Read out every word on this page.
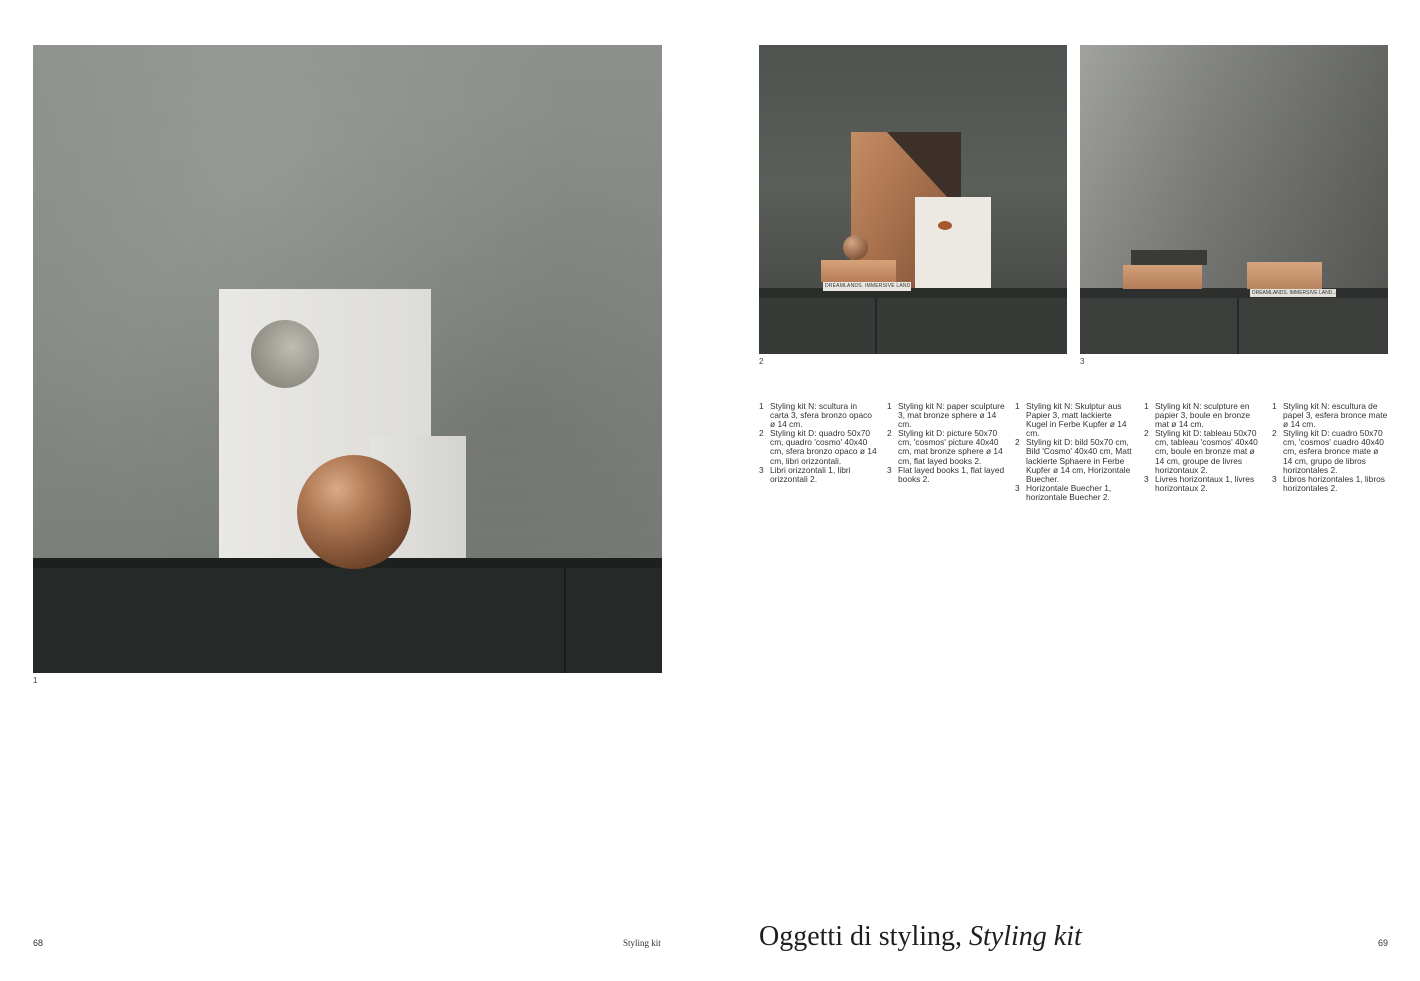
1
DREAMLANDS. IMMERSIVE LAND...
2
DREAMLANDS. IMMERSIVE LAND...
3
1 Styling kit N: scultura in carta 3, sfera bronzo opaco ø 14 cm.
2 Styling kit D: quadro 50x70 cm, quadro 'cosmo' 40x40 cm, sfera bronzo opaco ø 14 cm, libri orizzontali.
3 Libri orizzontali 1, libri orizzontali 2.
1 Styling kit N: paper sculpture 3, mat bronze sphere ø 14 cm.
2 Styling kit D: picture 50x70 cm, 'cosmos' picture 40x40 cm, mat bronze sphere ø 14 cm, flat layed books 2.
3 Flat layed books 1, flat layed books 2.
1 Styling kit N: Skulptur aus Papier 3, matt lackierte Kugel in Ferbe Kupfer ø 14 cm.
2 Styling kit D: bild 50x70 cm, Bild 'Cosmo' 40x40 cm, Matt lackierte Sphaere in Ferbe Kupfer ø 14 cm, Horizontale Buecher.
3 Horizontale Buecher 1, horizontale Buecher 2.
1 Styling kit N: sculpture en papier 3, boule en bronze mat ø 14 cm.
2 Styling kit D: tableau 50x70 cm, tableau 'cosmos' 40x40 cm, boule en bronze mat ø 14 cm, groupe de livres horizontaux 2.
3 Livres horizontaux 1, livres horizontaux 2.
1 Styling kit N: escultura de papel 3, esfera bronce mate ø 14 cm.
2 Styling kit D: cuadro 50x70 cm, 'cosmos' cuadro 40x40 cm, esfera bronce mate ø 14 cm, grupo de libros horizontales 2.
3 Libros horizontales 1, libros horizontales 2.
68	Styling kit	Oggetti di styling, Styling kit	69
